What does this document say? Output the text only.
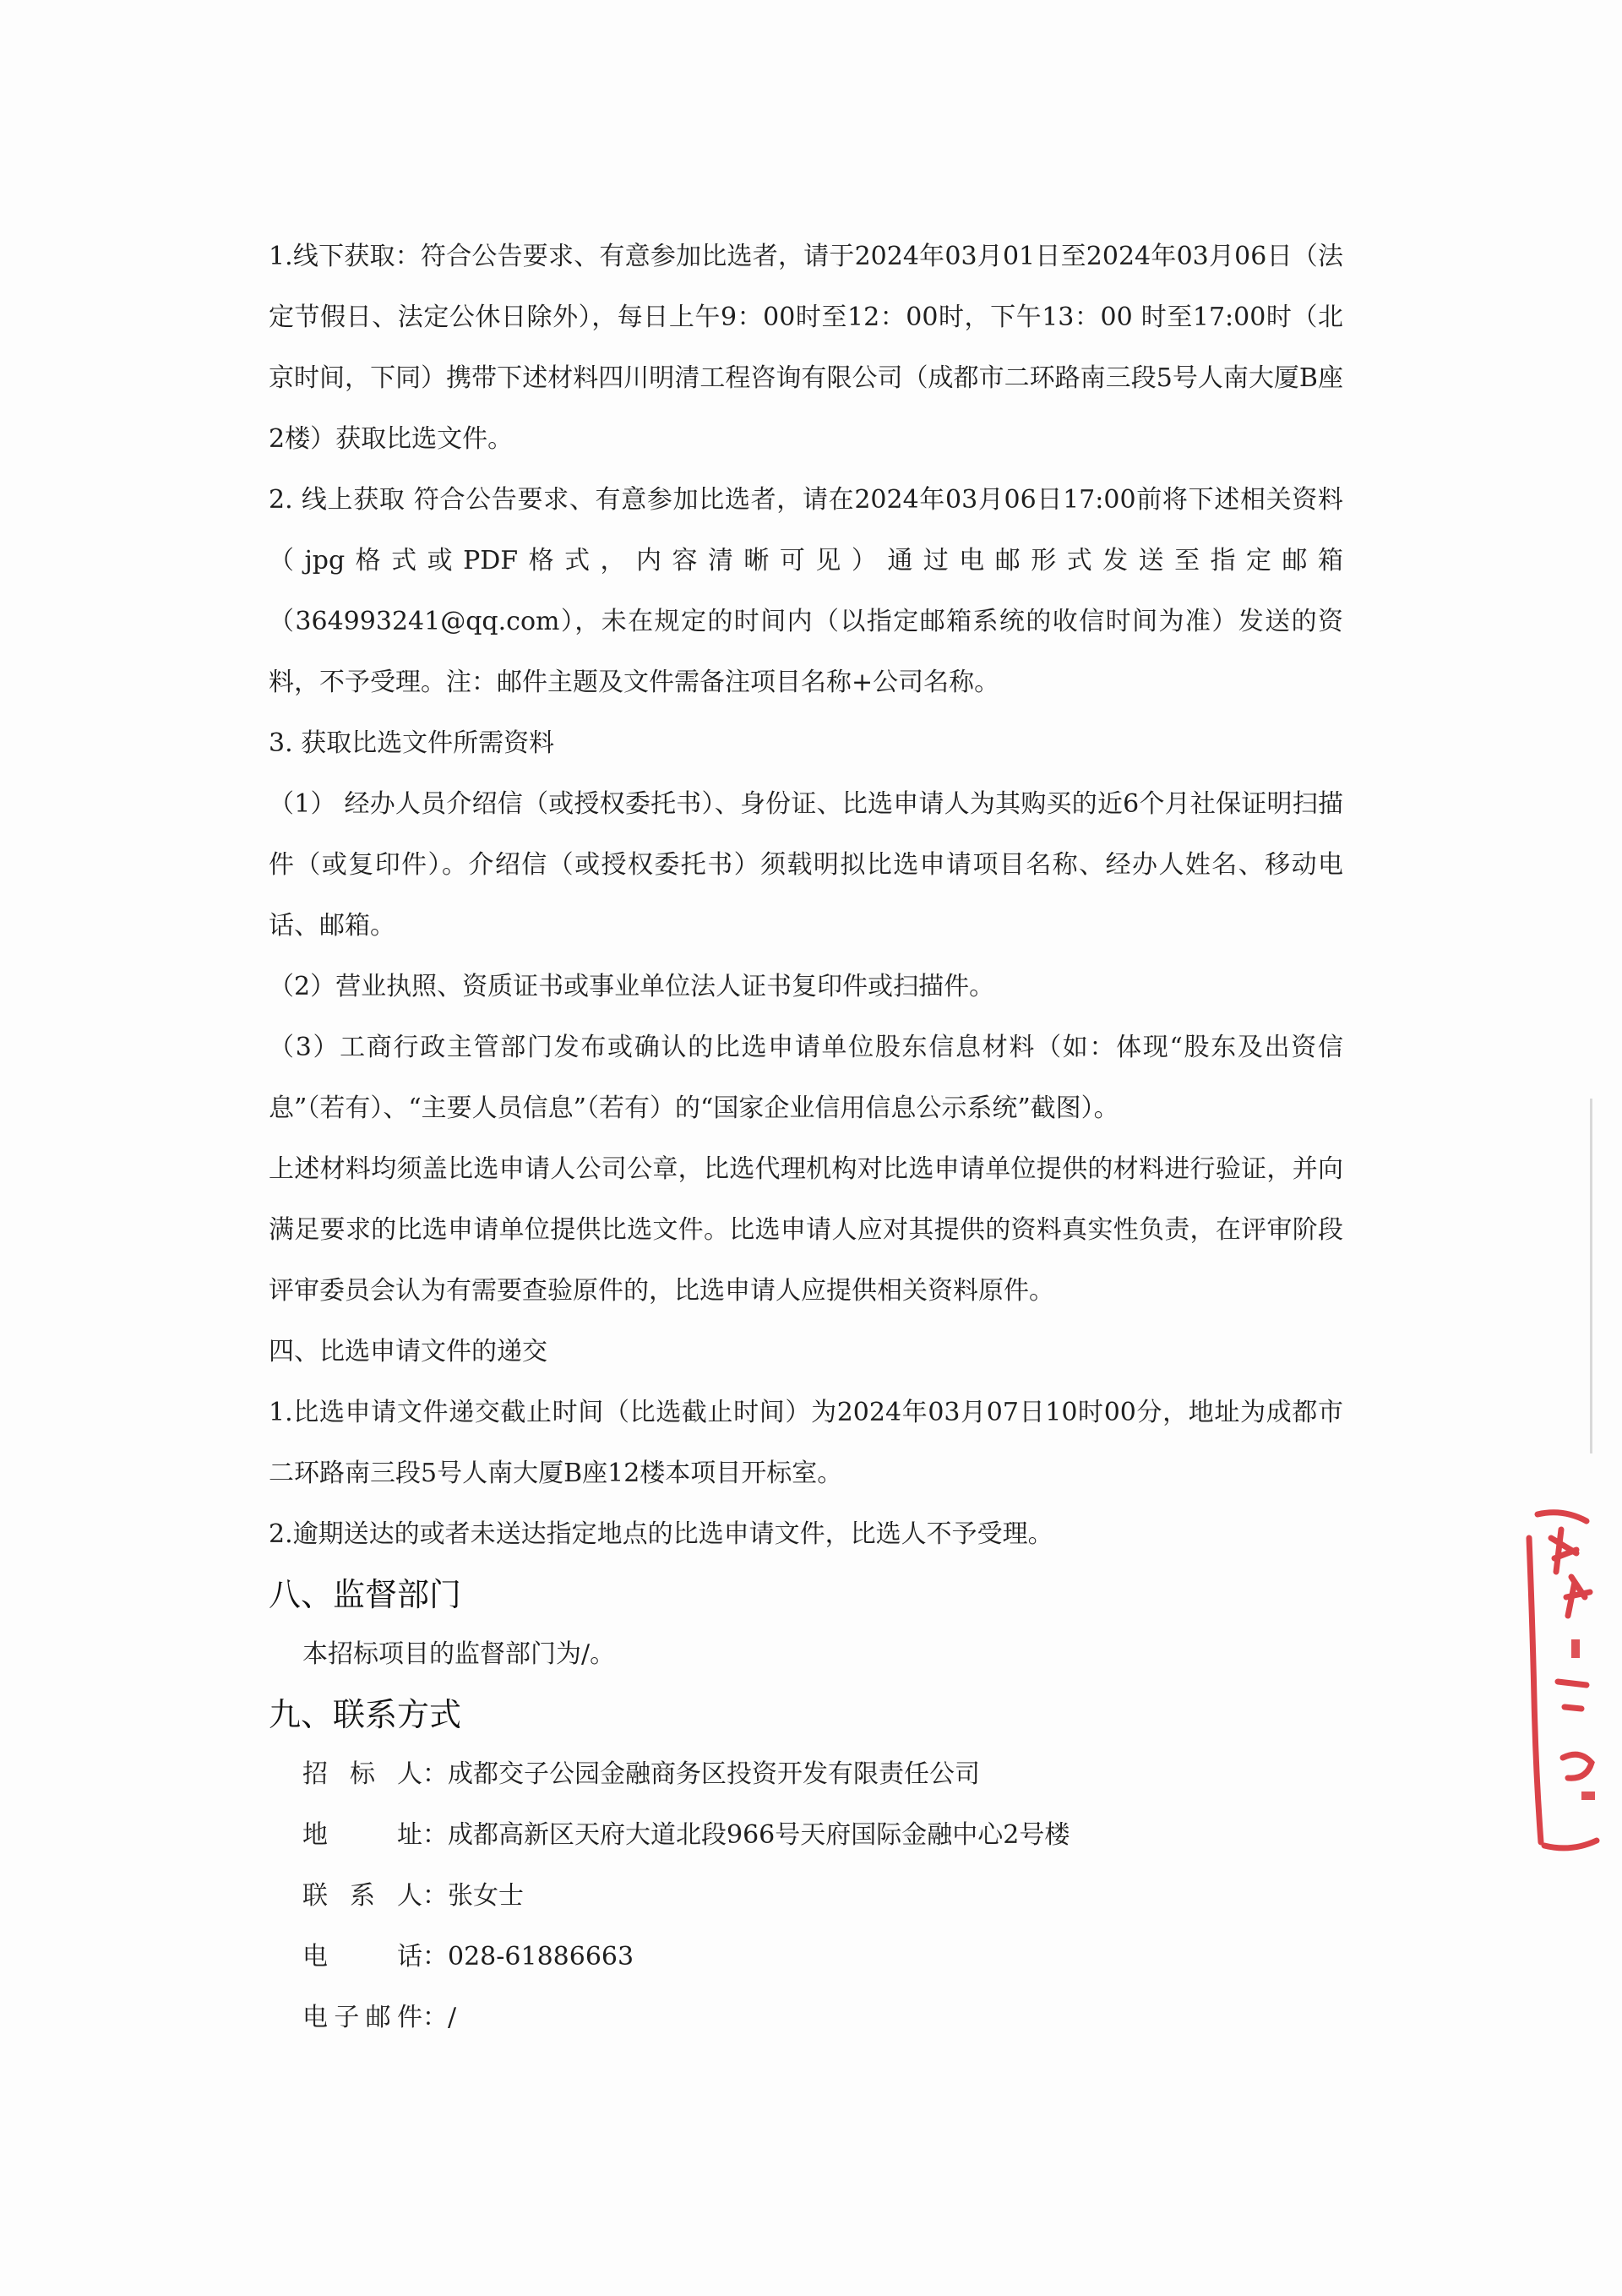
1.线下获取：符合公告要求、有意参加比选者，请于2024年03月01日至2024年03月06日（法定节假日、法定公休日除外），每日上午9：00时至12：00时，下午13：00 时至17:00时（北京时间，下同）携带下述材料四川明清工程咨询有限公司（成都市二环路南三段5号人南大厦B座2楼）获取比选文件。

2. 线上获取 符合公告要求、有意参加比选者，请在2024年03月06日17:00前将下述相关资料（jpg格式或PDF格式，内容清晰可见）通过电邮形式发送至指定邮箱（364993241@qq.com），未在规定的时间内（以指定邮箱系统的收信时间为准）发送的资料，不予受理。注：邮件主题及文件需备注项目名称+公司名称。

3. 获取比选文件所需资料

（1） 经办人员介绍信（或授权委托书）、身份证、比选申请人为其购买的近6个月社保证明扫描件（或复印件）。介绍信（或授权委托书）须载明拟比选申请项目名称、经办人姓名、移动电话、邮箱。

（2）营业执照、资质证书或事业单位法人证书复印件或扫描件。

（3）工商行政主管部门发布或确认的比选申请单位股东信息材料（如：体现“股东及出资信息”（若有）、“主要人员信息”（若有）的“国家企业信用信息公示系统”截图）。

上述材料均须盖比选申请人公司公章，比选代理机构对比选申请单位提供的材料进行验证，并向满足要求的比选申请单位提供比选文件。比选申请人应对其提供的资料真实性负责，在评审阶段评审委员会认为有需要查验原件的，比选申请人应提供相关资料原件。

四、比选申请文件的递交

1.比选申请文件递交截止时间（比选截止时间）为2024年03月07日10时00分，地址为成都市二环路南三段5号人南大厦B座12楼本项目开标室。

2.逾期送达的或者未送达指定地点的比选申请文件，比选人不予受理。

八、监督部门

本招标项目的监督部门为/。

九、联系方式

招标人 ：成都交子公园金融商务区投资开发有限责任公司
地址 ：成都高新区天府大道北段966号天府国际金融中心2号楼
联系人 ：张女士
电话 ：028-61886663
电子邮件 ：/
